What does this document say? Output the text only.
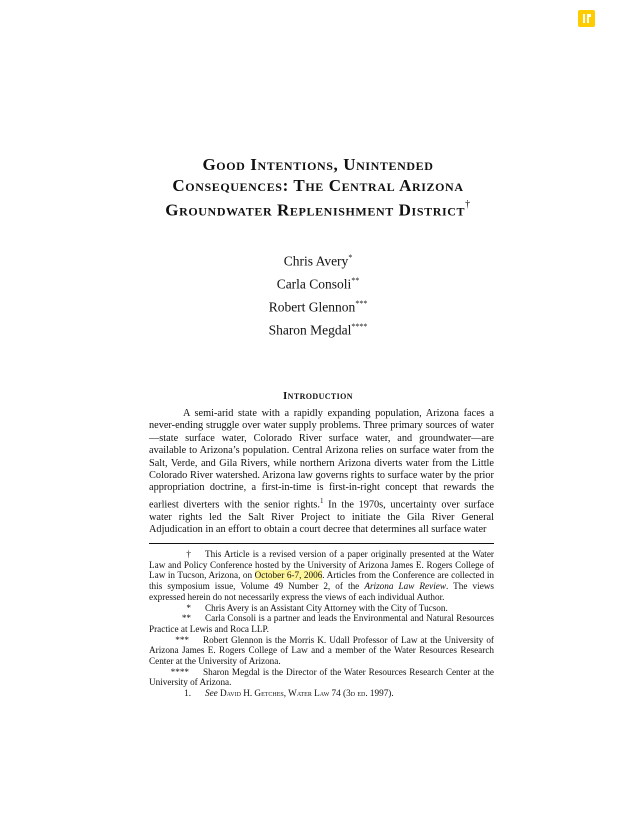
Good Intentions, Unintended
Consequences: The Central Arizona
Groundwater Replenishment District†
Chris Avery*
Carla Consoli**
Robert Glennon***
Sharon Megdal****
Introduction

A semi-arid state with a rapidly expanding population, Arizona faces a never-ending struggle over water supply problems. Three primary sources of water—state surface water, Colorado River surface water, and groundwater—are available to Arizona’s population. Central Arizona relies on surface water from the Salt, Verde, and Gila Rivers, while northern Arizona diverts water from the Little Colorado River watershed. Arizona law governs rights to surface water by the prior appropriation doctrine, a first-in-time is first-in-right concept that rewards the earliest diverters with the senior rights.$^1$ In the 1970s, uncertainty over surface water rights led the Salt River Project to initiate the Gila River General Adjudication in an effort to obtain a court decree that determines all surface water

† This Article is a revised version of a paper originally presented at the Water Law and Policy Conference hosted by the University of Arizona James E. Rogers College of Law in Tucson, Arizona, on October 6-7, 2006. Articles from the Conference are collected in this symposium issue, Volume 49 Number 2, of the Arizona Law Review. The views expressed herein do not necessarily express the views of each individual Author.

* Chris Avery is an Assistant City Attorney with the City of Tucson.

** Carla Consoli is a partner and leads the Environmental and Natural Resources Practice at Lewis and Roca LLP.

*** Robert Glennon is the Morris K. Udall Professor of Law at the University of Arizona James E. Rogers College of Law and a member of the Water Resources Research Center at the University of Arizona.

**** Sharon Megdal is the Director of the Water Resources Research Center at the University of Arizona.

1. See David H. Getches, Water Law 74 (3d ed. 1997).
